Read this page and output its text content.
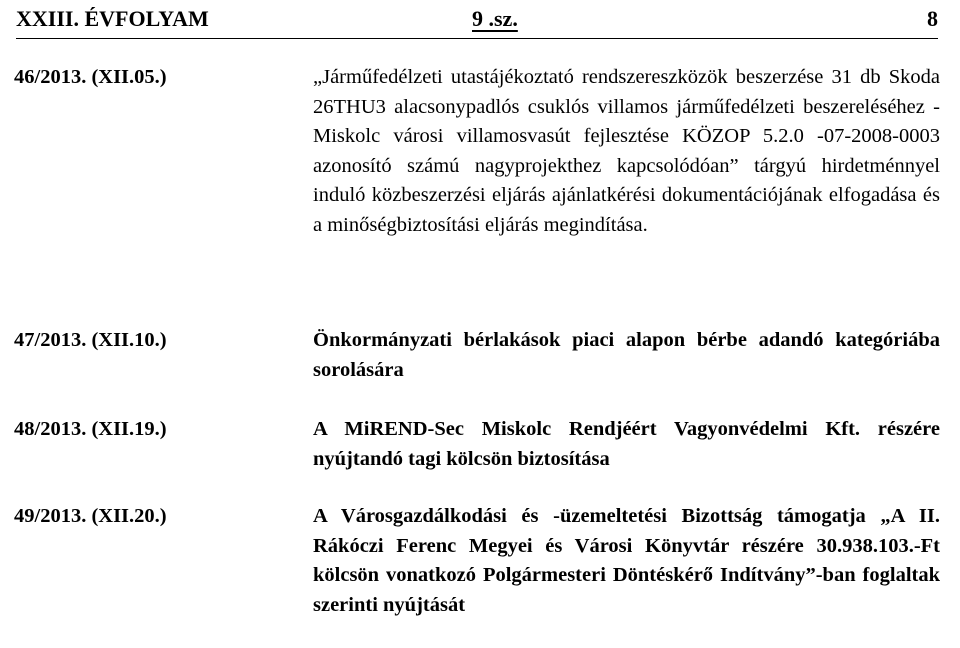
XXIII. ÉVFOLYAM	9 .sz.	8
46/2013. (XII.05.)	„Járműfedélzeti utastájékoztató rendszereszközök beszerzése 31 db Skoda 26THU3 alacsonypadlós csuklós villamos járműfedélzeti beszereléséhez - Miskolc városi villamosvasút fejlesztése KÖZOP 5.2.0 -07-2008-0003 azonosító számú nagyprojekthez kapcsolódóan” tárgyú hirdetménnyel induló közbeszerzési eljárás ajánlatkérési dokumentációjának elfogadása és a minőségbiztosítási eljárás megindítása.
47/2013. (XII.10.)	Önkormányzati bérlakások piaci alapon bérbe adandó kategóriába sorolására
48/2013. (XII.19.)	A MiREND-Sec Miskolc Rendjéért Vagyonvédelmi Kft. részére nyújtandó tagi kölcsön biztosítása
49/2013. (XII.20.)	A Városgazdálkodási és -üzemeltetési Bizottság támogatja „A II. Rákóczi Ferenc Megyei és Városi Könyvtár részére 30.938.103.-Ft kölcsön vonatkozó Polgármesteri Döntéskérő Indítvány”-ban foglaltak szerinti nyújtását
